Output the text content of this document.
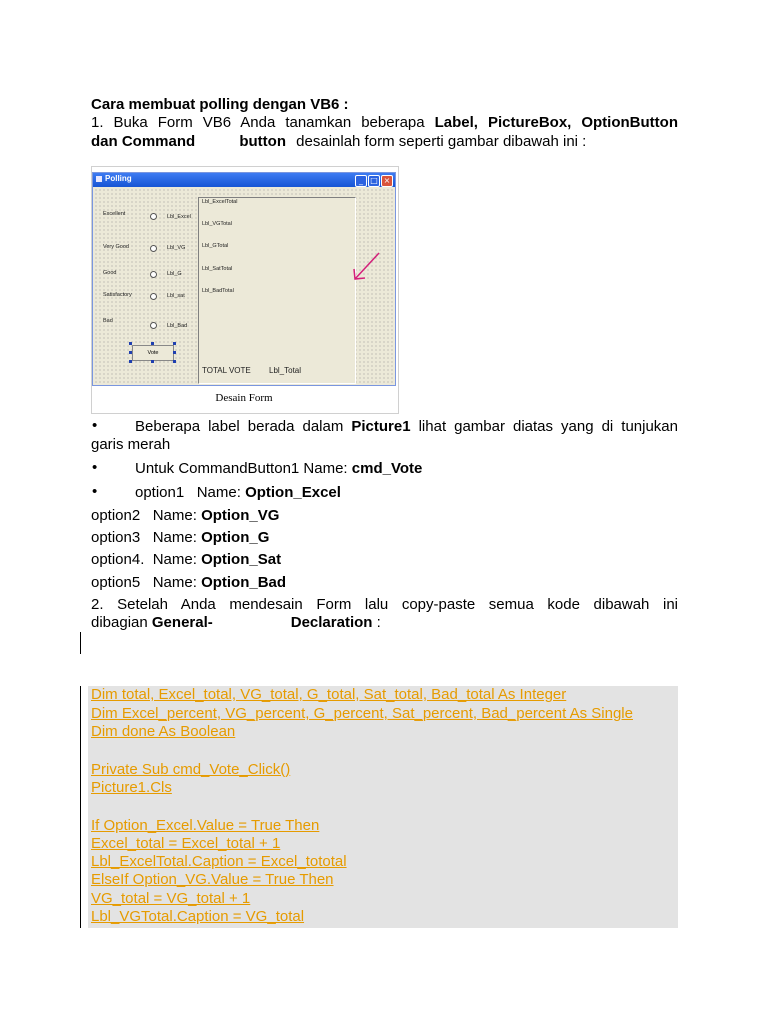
Cara membuat polling dengan VB6 :
1. Buka Form VB6 Anda tanamkan beberapa Label, PictureBox, OptionButton
dan Command	button desainlah form seperti gambar dibawah ini :
Polling	_ □ ×
Excellent
Very Good
Good
Satisfactory
Bad
Lbl_Excel
Lbl_VG
Lbl_G
Lbl_sat
Lbl_Bad
Vote
Lbl_ExcelTotal
Lbl_VGTotal
Lbl_GTotal
Lbl_SatTotal
Lbl_BadTotal
TOTAL VOTE Lbl_Total
Desain Form
•	Beberapa label berada dalam Picture1 lihat gambar diatas yang di tunjukan
garis merah
•	Untuk CommandButton1 Name: cmd_Vote
•	option1   Name: Option_Excel
option2   Name: Option_VG
option3   Name: Option_G
option4.  Name: Option_Sat
option5   Name: Option_Bad
2. Setelah Anda mendesain Form lalu copy-paste semua kode dibawah ini
dibagian General-	Declaration :
Dim total, Excel_total, VG_total, G_total, Sat_total, Bad_total As Integer
Dim Excel_percent, VG_percent, G_percent, Sat_percent, Bad_percent As Single
Dim done As Boolean
Private Sub cmd_Vote_Click()
Picture1.Cls
If Option_Excel.Value = True Then
Excel_total = Excel_total + 1
Lbl_ExcelTotal.Caption = Excel_tototal
ElseIf Option_VG.Value = True Then
VG_total = VG_total + 1
Lbl_VGTotal.Caption = VG_total
